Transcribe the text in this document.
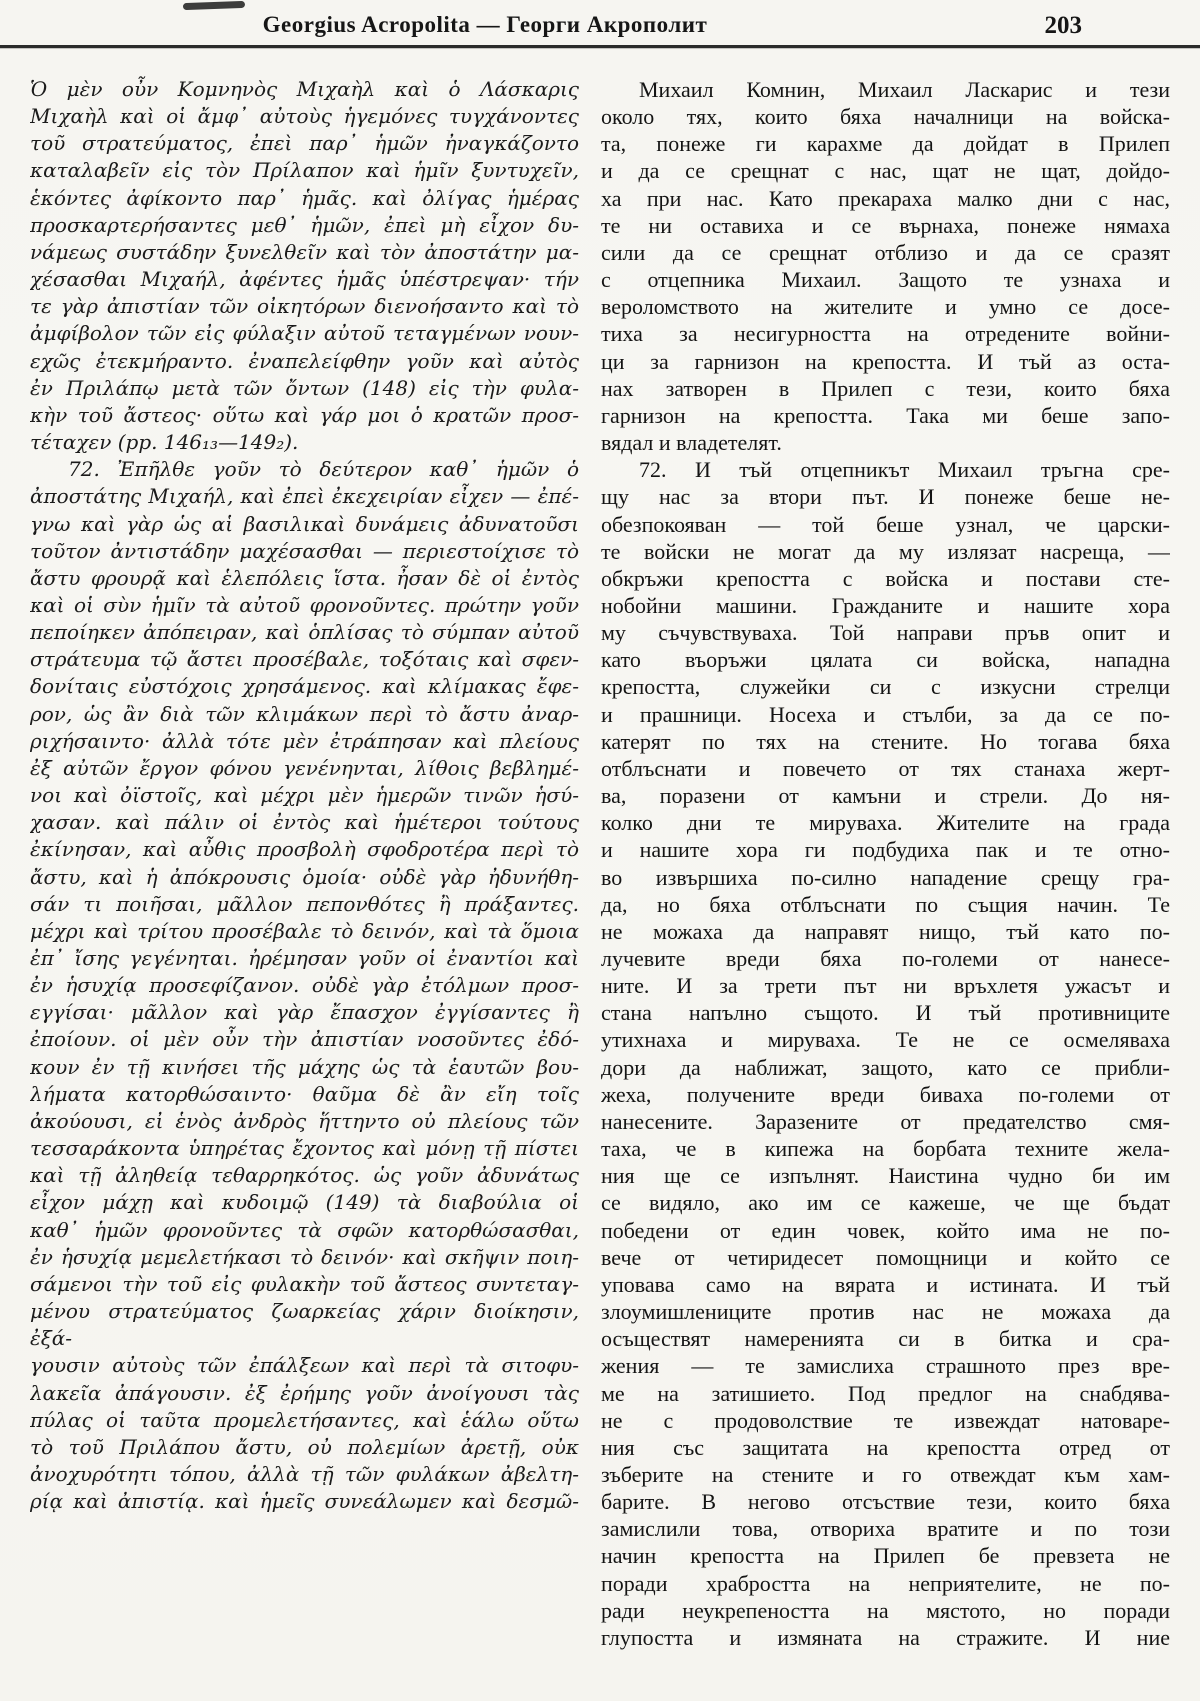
Georgius Acropolita — Георги Акрополит	203
Ὁ μὲν οὖν Κομνηνὸς Μιχαὴλ καὶ ὁ Λάσκαρις
Μιχαὴλ καὶ οἱ ἄμφ᾽ αὐτοὺς ἡγεμόνες τυγχάνοντες
τοῦ στρατεύματος, ἐπεὶ παρ᾽ ἡμῶν ἠναγκάζοντο
καταλαβεῖν εἰς τὸν Πρίλαπον καὶ ἡμῖν ξυντυχεῖν,
ἑκόντες ἀφίκοντο παρ᾽ ἡμᾶς. καὶ ὀλίγας ἡμέρας
προσκαρτερήσαντες μεθ᾽ ἡμῶν, ἐπεὶ μὴ εἶχον δυ-
νάμεως συστάδην ξυνελθεῖν καὶ τὸν ἀποστάτην μα-
χέσασθαι Μιχαήλ, ἀφέντες ἡμᾶς ὑπέστρεψαν· τήν
τε γὰρ ἀπιστίαν τῶν οἰκητόρων διενοήσαντο καὶ τὸ
ἀμφίβολον τῶν εἰς φύλαξιν αὐτοῦ τεταγμένων νουν-
εχῶς ἐτεκμήραντο. ἐναπελείφθην γοῦν καὶ αὐτὸς
ἐν Πριλάπῳ μετὰ τῶν ὄντων (148) εἰς τὴν φυλα-
κὴν τοῦ ἄστεος· οὕτω καὶ γάρ μοι ὁ κρατῶν προσ-
τέταχεν (pp. 146₁₃—149₂).
72. Ἐπῆλθε γοῦν τὸ δεύτερον καθ᾽ ἡμῶν ὁ
ἀποστάτης Μιχαήλ, καὶ ἐπεὶ ἐκεχειρίαν εἶχεν — ἐπέ-
γνω καὶ γὰρ ὡς αἱ βασιλικαὶ δυνάμεις ἀδυνατοῦσι
τοῦτον ἀντιστάδην μαχέσασθαι — περιεστοίχισε τὸ
ἄστυ φρουρᾷ καὶ ἑλεπόλεις ἵστα. ἦσαν δὲ οἱ ἐντὸς
καὶ οἱ σὺν ἡμῖν τὰ αὐτοῦ φρονοῦντες. πρώτην γοῦν
πεποίηκεν ἀπόπειραν, καὶ ὁπλίσας τὸ σύμπαν αὐτοῦ
στράτευμα τῷ ἄστει προσέβαλε, τοξόταις καὶ σφεν-
δονίταις εὐστόχοις χρησάμενος. καὶ κλίμακας ἔφε-
ρον, ὡς ἂν διὰ τῶν κλιμάκων περὶ τὸ ἄστυ ἀναρ-
ριχήσαιντο· ἀλλὰ τότε μὲν ἐτράπησαν καὶ πλείους
ἐξ αὐτῶν ἔργον φόνου γενένηνται, λίθοις βεβλημέ-
νοι καὶ ὀϊστοῖς, καὶ μέχρι μὲν ἡμερῶν τινῶν ἡσύ-
χασαν. καὶ πάλιν οἱ ἐντὸς καὶ ἡμέτεροι τούτους
ἐκίνησαν, καὶ αὖθις προσβολὴ σφοδροτέρα περὶ τὸ
ἄστυ, καὶ ἡ ἀπόκρουσις ὁμοία· οὐδὲ γὰρ ἠδυνήθη-
σάν τι ποιῆσαι, μᾶλλον πεπονθότες ἢ πράξαντες.
μέχρι καὶ τρίτου προσέβαλε τὸ δεινόν, καὶ τὰ ὅμοια
ἐπ᾽ ἴσης γεγένηται. ἠρέμησαν γοῦν οἱ ἐναντίοι καὶ
ἐν ἡσυχίᾳ προσεφίζανον. οὐδὲ γὰρ ἐτόλμων προσ-
εγγίσαι· μᾶλλον καὶ γὰρ ἔπασχον ἐγγίσαντες ἢ
ἐποίουν. οἱ μὲν οὖν τὴν ἀπιστίαν νοσοῦντες ἐδό-
κουν ἐν τῇ κινήσει τῆς μάχης ὡς τὰ ἑαυτῶν βου-
λήματα κατορθώσαιντο· θαῦμα δὲ ἂν εἴη τοῖς
ἀκούουσι, εἰ ἑνὸς ἀνδρὸς ἥττηντο οὐ πλείους τῶν
τεσσαράκοντα ὑπηρέτας ἔχοντος καὶ μόνῃ τῇ πίστει
καὶ τῇ ἀληθείᾳ τεθαρρηκότος. ὡς γοῦν ἀδυνάτως
εἶχον μάχῃ καὶ κυδοιμῷ (149) τὰ διαβούλια οἱ
καθ᾽ ἡμῶν φρονοῦντες τὰ σφῶν κατορθώσασθαι,
ἐν ἡσυχίᾳ μεμελετήκασι τὸ δεινόν· καὶ σκῆψιν ποιη-
σάμενοι τὴν τοῦ εἰς φυλακὴν τοῦ ἄστεος συντεταγ-
μένου στρατεύματος ζωαρκείας χάριν διοίκησιν, ἐξά-
γουσιν αὐτοὺς τῶν ἐπάλξεων καὶ περὶ τὰ σιτοφυ-
λακεῖα ἀπάγουσιν. ἐξ ἐρήμης γοῦν ἀνοίγουσι τὰς
πύλας οἱ ταῦτα προμελετήσαντες, καὶ ἑάλω οὕτω
τὸ τοῦ Πριλάπου ἄστυ, οὐ πολεμίων ἀρετῇ, οὐκ
ἀνοχυρότητι τόπου, ἀλλὰ τῇ τῶν φυλάκων ἀβελτη-
ρίᾳ καὶ ἀπιστίᾳ. καὶ ἡμεῖς συνεάλωμεν καὶ δεσμῶ-
Михаил Комнин, Михаил Ласкарис и тези
около тях, които бяха началници на войска-
та, понеже ги карахме да дойдат в Прилеп
и да се срещнат с нас, щат не щат, дойдо-
ха при нас. Като прекараха малко дни с нас,
те ни оставиха и се върнаха, понеже нямаха
сили да се срещнат отблизо и да се сразят
с отцепника Михаил. Защото те узнаха и
вероломството на жителите и умно се досе-
тиха за несигурността на отредените войни-
ци за гарнизон на крепостта. И тъй аз оста-
нах затворен в Прилеп с тези, които бяха
гарнизон на крепостта. Така ми беше запо-
вядал и владетелят.
72. И тъй отцепникът Михаил тръгна сре-
щу нас за втори път. И понеже беше не-
обезпокояван — той беше узнал, че царски-
те войски не могат да му излязат насреща, —
обкръжи крепостта с войска и постави сте-
нобойни машини. Гражданите и нашите хора
му съчувствуваха. Той направи пръв опит и
като въоръжи цялата си войска, нападна
крепостта, служейки си с изкусни стрелци
и прашници. Носеха и стълби, за да се по-
катерят по тях на стените. Но тогава бяха
отблъснати и повечето от тях станаха жерт-
ва, поразени от камъни и стрели. До ня-
колко дни те мируваха. Жителите на града
и нашите хора ги подбудиха пак и те отно-
во извършиха по-силно нападение срещу гра-
да, но бяха отблъснати по същия начин. Те
не можаха да направят нищо, тъй като по-
лучевите вреди бяха по-големи от нанесе-
ните. И за трети път ни връхлетя ужасът и
стана напълно същото. И тъй противниците
утихнаха и мируваха. Те не се осмеляваха
дори да наближат, защото, като се прибли-
жеха, получените вреди биваха по-големи от
нанесените. Заразените от предателство смя-
таха, че в кипежа на борбата техните жела-
ния ще се изпълнят. Наистина чудно би им
се видяло, ако им се кажеше, че ще бъдат
победени от един човек, който има не по-
вече от четиридесет помощници и който се
уповава само на вярата и истината. И тъй
злоумишлениците против нас не можаха да
осъществят намеренията си в битка и сра-
жения — те замислиха страшното през вре-
ме на затишието. Под предлог на снабдява-
не с продоволствие те извеждат натоваре-
ния със защитата на крепостта отред от
зъберите на стените и го отвеждат към хам-
барите. В негово отсъствие тези, които бяха
замислили това, отвориха вратите и по този
начин крепостта на Прилеп бе превзета не
поради храбростта на неприятелите, не по-
ради неукрепеността на мястото, но поради
глупостта и измяната на стражите. И ние
